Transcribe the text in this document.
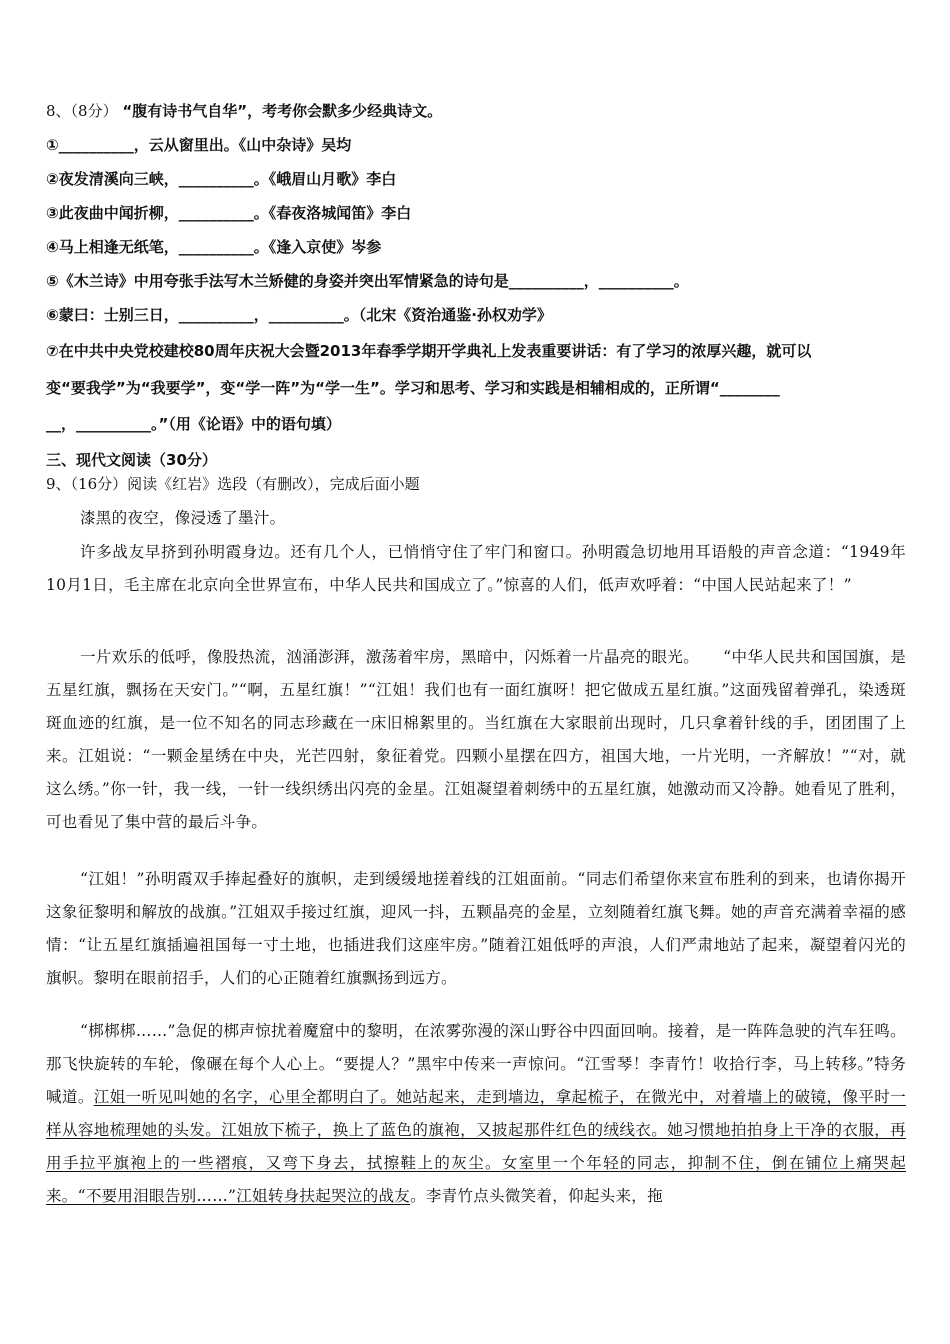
8、（8分） “腹有诗书气自华”，考考你会默多少经典诗文。
①__________，云从窗里出。《山中杂诗》吴均
②夜发清溪向三峡，__________。《峨眉山月歌》李白
③此夜曲中闻折柳，__________。《春夜洛城闻笛》李白
④马上相逢无纸笔，__________。《逢入京使》岑参
⑤《木兰诗》中用夸张手法写木兰矫健的身姿并突出军情紧急的诗句是__________，__________。
⑥蒙曰：士别三日，__________，__________。（北宋《资治通鉴·孙权劝学》
⑦在中共中央党校建校80周年庆祝大会暨2013年春季学期开学典礼上发表重要讲话：有了学习的浓厚兴趣，就可以
变“要我学”为“我要学”，变“学一阵”为“学一生”。学习和思考、学习和实践是相辅相成的，正所谓“________
__，__________。”（用《论语》中的语句填）
三、现代文阅读（30分）
9、（16分）阅读《红岩》选段（有删改），完成后面小题
漆黑的夜空，像浸透了墨汁。
许多战友早挤到孙明霞身边。还有几个人，已悄悄守住了牢门和窗口。孙明霞急切地用耳语般的声音念道：“1949年10月1日，毛主席在北京向全世界宣布，中华人民共和国成立了。”惊喜的人们，低声欢呼着：“中国人民站起来了！”
一片欢乐的低呼，像股热流，汹涌澎湃，激荡着牢房，黑暗中，闪烁着一片晶亮的眼光。　　“中华人民共和国国旗，是五星红旗，飘扬在天安门。”“啊，五星红旗！”“江姐！我们也有一面红旗呀！把它做成五星红旗。”这面残留着弹孔，染透斑斑血迹的红旗，是一位不知名的同志珍藏在一床旧棉絮里的。当红旗在大家眼前出现时，几只拿着针线的手，团团围了上来。江姐说：“一颗金星绣在中央，光芒四射，象征着党。四颗小星摆在四方，祖国大地，一片光明，一齐解放！”“对，就这么绣。”你一针，我一线，一针一线织绣出闪亮的金星。江姐凝望着刺绣中的五星红旗，她激动而又冷静。她看见了胜利，可也看见了集中营的最后斗争。
“江姐！”孙明霞双手捧起叠好的旗帜，走到缓缓地搓着线的江姐面前。“同志们希望你来宣布胜利的到来，也请你揭开这象征黎明和解放的战旗。”江姐双手接过红旗，迎风一抖，五颗晶亮的金星，立刻随着红旗飞舞。她的声音充满着幸福的感情：“让五星红旗插遍祖国每一寸土地，也插进我们这座牢房。”随着江姐低呼的声浪，人们严肃地站了起来，凝望着闪光的旗帜。黎明在眼前招手，人们的心正随着红旗飘扬到远方。
“梆梆梆……”急促的梆声惊扰着魔窟中的黎明，在浓雾弥漫的深山野谷中四面回响。接着，是一阵阵急驶的汽车狂鸣。那飞快旋转的车轮，像碾在每个人心上。“要提人？”黑牢中传来一声惊问。“江雪琴！李青竹！收拾行李，马上转移。”特务喊道。江姐一听见叫她的名字，心里全都明白了。她站起来，走到墙边，拿起梳子，在微光中，对着墙上的破镜，像平时一样从容地梳理她的头发。江姐放下梳子，换上了蓝色的旗袍，又披起那件红色的绒线衣。她习惯地拍拍身上干净的衣服，再用手拉平旗袍上的一些褶痕，又弯下身去，拭擦鞋上的灰尘。女室里一个年轻的同志，抑制不住，倒在铺位上痛哭起来。“不要用泪眼告别……”江姐转身扶起哭泣的战友。李青竹点头微笑着，仰起头来，拖
